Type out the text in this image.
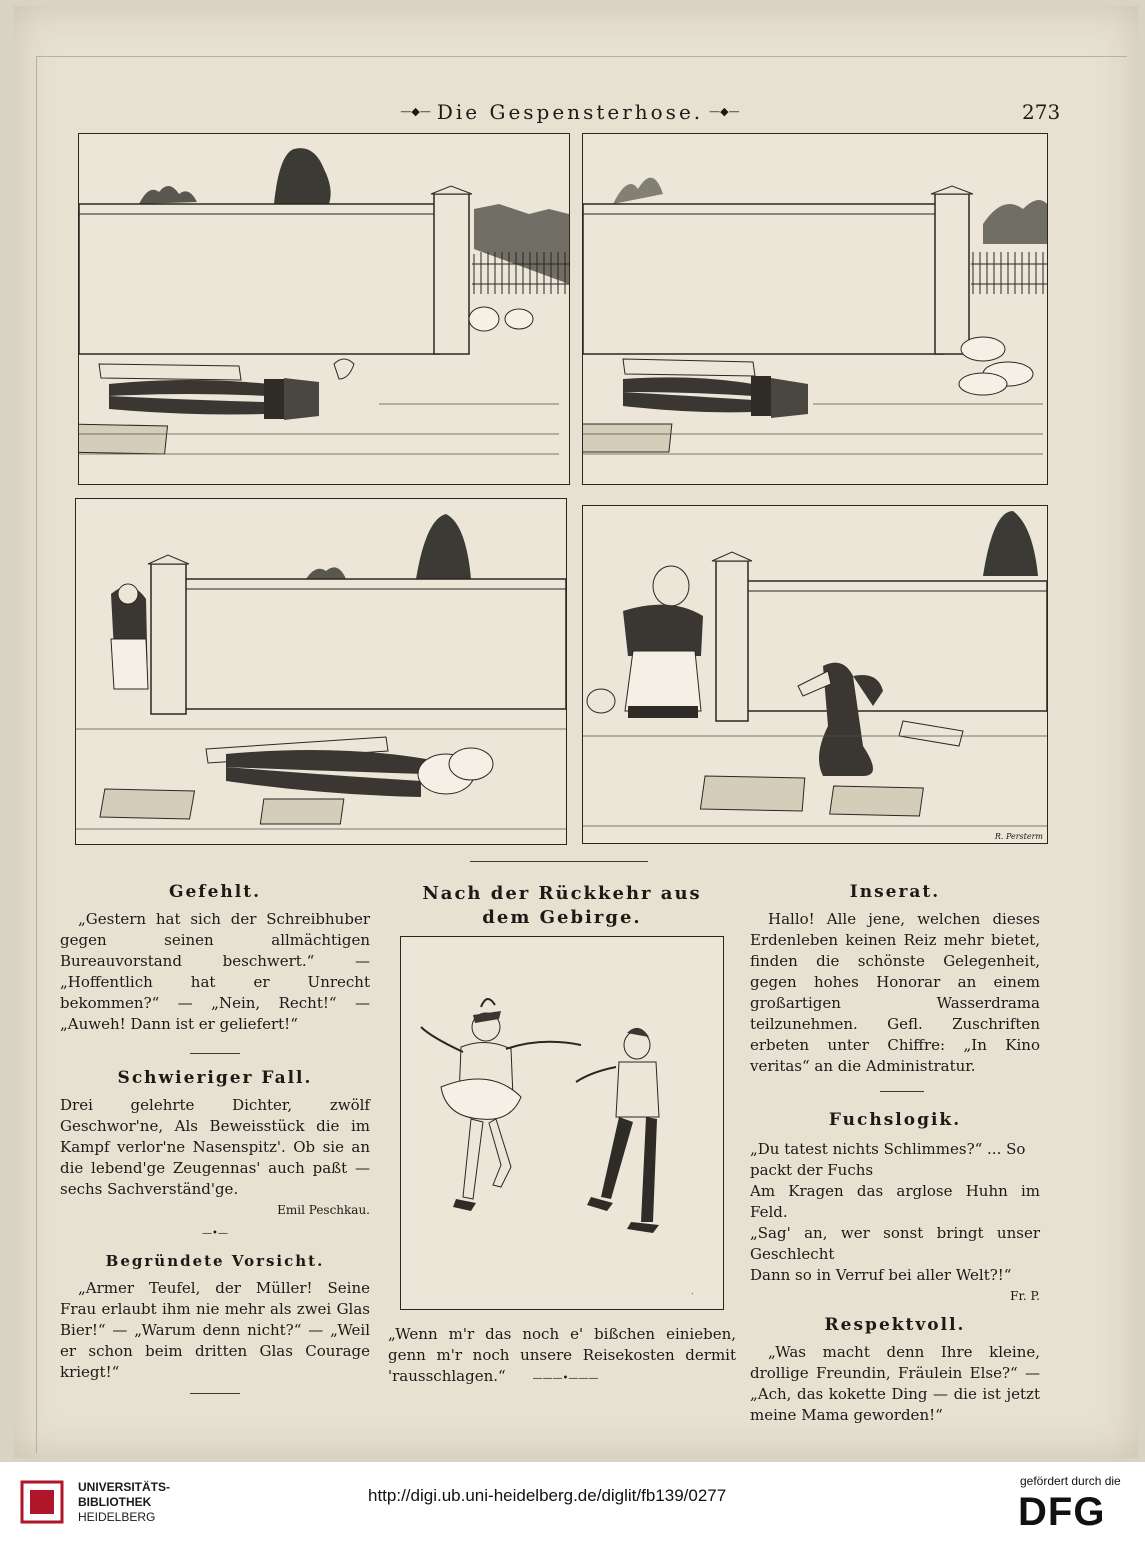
—◆— Die Gespensterhose. —◆—	273
R. Persterm
Gefehlt.

„Gestern hat sich der Schreibhuber gegen seinen allmächtigen Bureauvorstand beschwert.“ — „Hoffentlich hat er Unrecht bekommen?“ — „Nein, Recht!“ — „Auweh! Dann ist er geliefert!“

Schwieriger Fall.

Drei gelehrte Dichter, zwölf Geschwor'ne, Als Beweisstück die im Kampf verlor'ne Nasenspitz'. Ob sie an die lebend'ge Zeugennas' auch paßt — sechs Sachverständ'ge.

Emil Peschkau.
—•—
Begründete Vorsicht.

„Armer Teufel, der Müller! Seine Frau erlaubt ihm nie mehr als zwei Glas Bier!“ — „Warum denn nicht?“ — „Weil er schon beim dritten Glas Courage kriegt!“

Nach der Rückkehr aus dem Gebirge.
ᐧ

„Wenn m'r das noch e' bißchen einieben, genn m'r noch unsere Reisekosten dermit 'rausschlagen.“	———•———

Inserat.

Hallo! Alle jene, welchen dieses Erdenleben keinen Reiz mehr bietet, finden die schönste Gelegenheit, gegen hohes Honorar an einem großartigen Wasserdrama teilzunehmen. Gefl. Zuschriften erbeten unter Chiffre: „In Kino veritas“ an die Administratur.

Fuchslogik.

„Du tatest nichts Schlimmes?“ ... So

packt der Fuchs

Am Kragen das arglose Huhn im Feld.

„Sag' an, wer sonst bringt unser Geschlecht

Dann so in Verruf bei aller Welt?!“

Fr. P.
Respektvoll.

„Was macht denn Ihre kleine, drollige Freundin, Fräulein Else?“ — „Ach, das kokette Ding — die ist jetzt meine Mama geworden!“

UNIVERSITÄTS-
BIBLIOTHEK
HEIDELBERG
http://digi.ub.uni-heidelberg.de/diglit/fb139/0277
gefördert durch die
DFG
